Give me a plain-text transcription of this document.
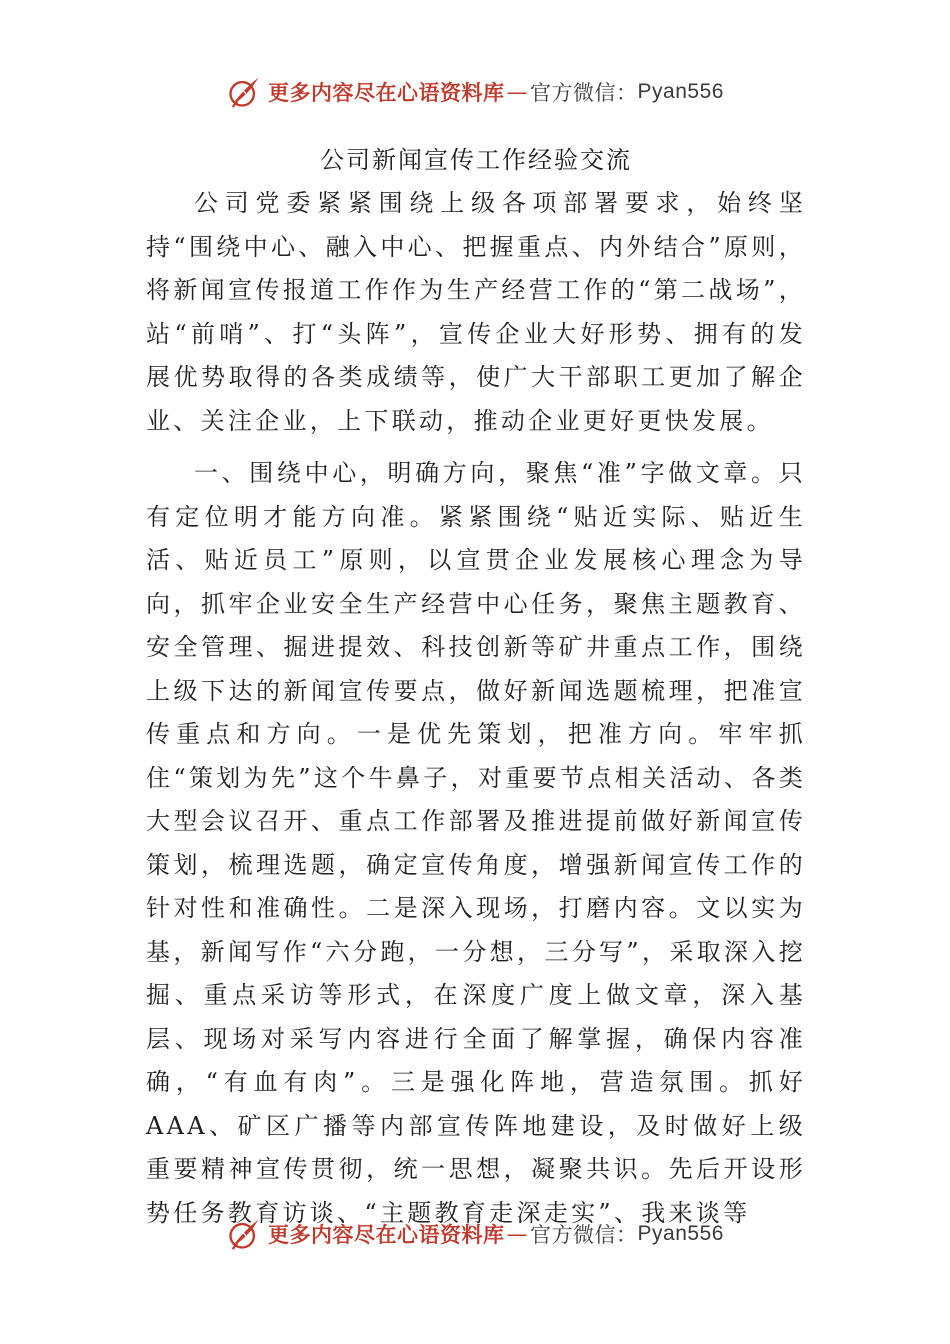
更多内容尽在心语资料库 — 官方微信： Pyan556
公司新闻宣传工作经验交流

公司党委紧紧围绕上级各项部署要求，始终坚持“围绕中心、融入中心、把握重点、内外结合”原则，将新闻宣传报道工作作为生产经营工作的“第二战场”，站“前哨”、打“头阵”，宣传企业大好形势、拥有的发展优势取得的各类成绩等，使广大干部职工更加了解企业、关注企业，上下联动，推动企业更好更快发展。

一、围绕中心，明确方向，聚焦“准”字做文章。只有定位明才能方向准。紧紧围绕“贴近实际、贴近生活、贴近员工”原则，以宣贯企业发展核心理念为导向，抓牢企业安全生产经营中心任务，聚焦主题教育、安全管理、掘进提效、科技创新等矿井重点工作，围绕上级下达的新闻宣传要点，做好新闻选题梳理，把准宣传重点和方向。一是优先策划，把准方向。牢牢抓住“策划为先”这个牛鼻子，对重要节点相关活动、各类大型会议召开、重点工作部署及推进提前做好新闻宣传策划，梳理选题，确定宣传角度，增强新闻宣传工作的针对性和准确性。二是深入现场，打磨内容。文以实为基，新闻写作“六分跑，一分想，三分写”，采取深入挖掘、重点采访等形式，在深度广度上做文章，深入基层、现场对采写内容进行全面了解掌握，确保内容准确，“有血有肉”。三是强化阵地，营造氛围。抓好AAA、矿区广播等内部宣传阵地建设，及时做好上级重要精神宣传贯彻，统一思想，凝聚共识。先后开设形势任务教育访谈、“主题教育走深走实”、我来谈等

更多内容尽在心语资料库 — 官方微信： Pyan556
